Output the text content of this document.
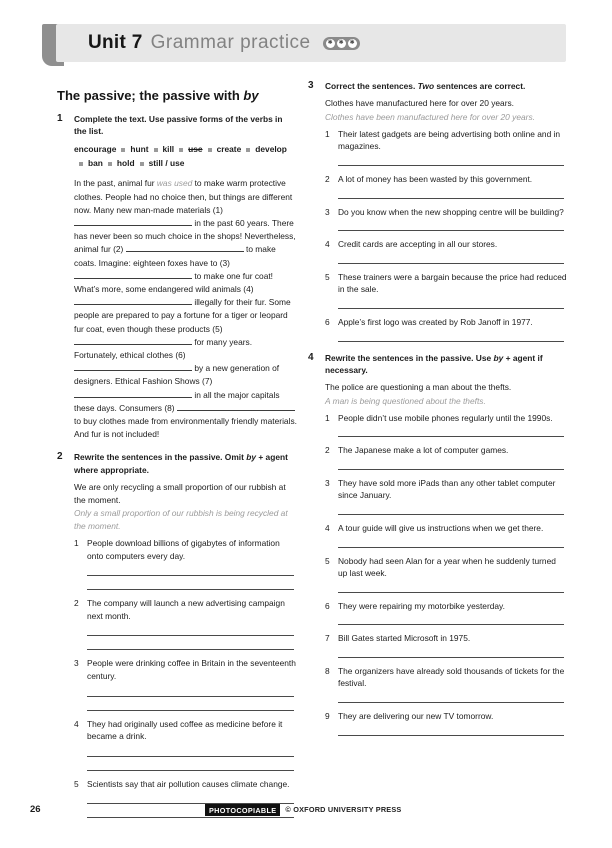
Unit 7 Grammar practice	✱ ✱ ✱
The passive; the passive with by
1	Complete the text. Use passive forms of the verbs in the list.
encourage hunt kill use create developban hold still / use
In the past, animal fur was used to make warm protective clothes. People had no choice then, but things are different now. Many new man-made materials (1)  in the past 60 years. There has never been so much choice in the shops! Nevertheless, animal fur (2)	to make coats. Imagine: eighteen foxes have to (3)  to make one fur coat! What’s more, some endangered wild animals (4)  illegally for their fur. Some people are prepared to pay a fortune for a tiger or leopard fur coat, even though these products (5)  for many years. Fortunately, ethical clothes (6)  by a new generation of designers. Ethical Fashion Shows (7)  in all the major capitals these days. Consumers (8)  to buy clothes made from environmentally friendly materials. And fur is not included!
2	Rewrite the sentences in the passive. Omit by + agent where appropriate.

We are only recycling a small proportion of our rubbish at the moment.

Only a small proportion of our rubbish is being recycled at the moment.

1 People download billions of gigabytes of information onto computers every day.
2 The company will launch a new advertising campaign next month.
3 People were drinking coffee in Britain in the seventeenth century.
4 They had originally used coffee as medicine before it became a drink.
5 Scientists say that air pollution causes climate change.
3	Correct the sentences. Two sentences are correct.

Clothes have manufactured here for over 20 years.

Clothes have been manufactured here for over 20 years.

1 Their latest gadgets are being advertising both online and in magazines.
2 A lot of money has been wasted by this government.
3 Do you know when the new shopping centre will be building?
4 Credit cards are accepting in all our stores.
5 These trainers were a bargain because the price had reduced in the sale.
6 Apple’s first logo was created by Rob Janoff in 1977.
4	Rewrite the sentences in the passive. Use by + agent if necessary.

The police are questioning a man about the thefts.

A man is being questioned about the thefts.

1 People didn’t use mobile phones regularly until the 1990s.
2 The Japanese make a lot of computer games.
3 They have sold more iPads than any other tablet computer since January.
4 A tour guide will give us instructions when we get there.
5 Nobody had seen Alan for a year when he suddenly turned up last week.
6 They were repairing my motorbike yesterday.
7 Bill Gates started Microsoft in 1975.
8 The organizers have already sold thousands of tickets for the festival.
9 They are delivering our new TV tomorrow.
26	PHOTOCOPIABLE	© OXFORD UNIVERSITY PRESS
